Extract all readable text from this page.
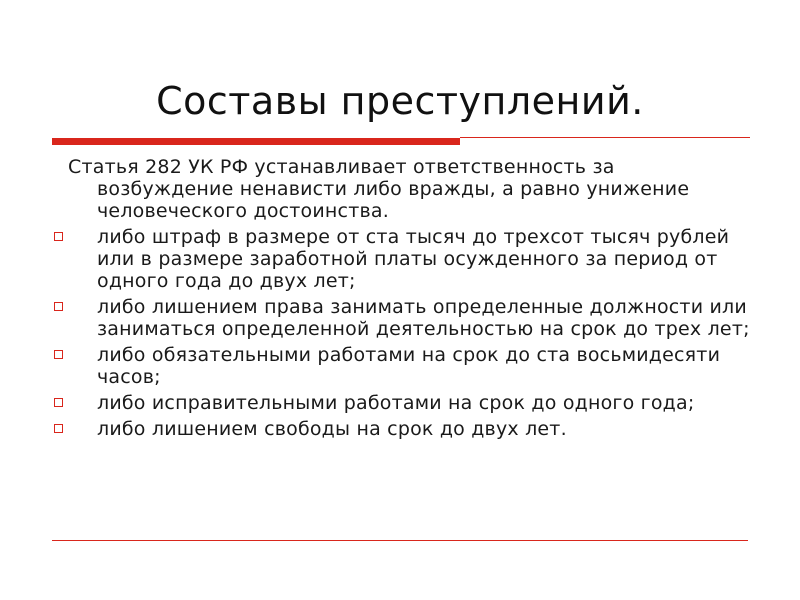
Составы преступлений.

Статья 282 УК РФ устанавливает ответственность за
возбуждение ненависти либо вражды, а равно унижение человеческого достоинства.

либо штраф в размере от ста тысяч до трехсот тысяч рублей или в размере заработной платы осужденного за период от одного года до двух лет;
либо лишением права занимать определенные должности или заниматься определенной деятельностью на срок до трех лет;
либо обязательными работами на срок до ста восьмидесяти часов;
либо исправительными работами на срок до одного года;
либо лишением свободы на срок до двух лет.
